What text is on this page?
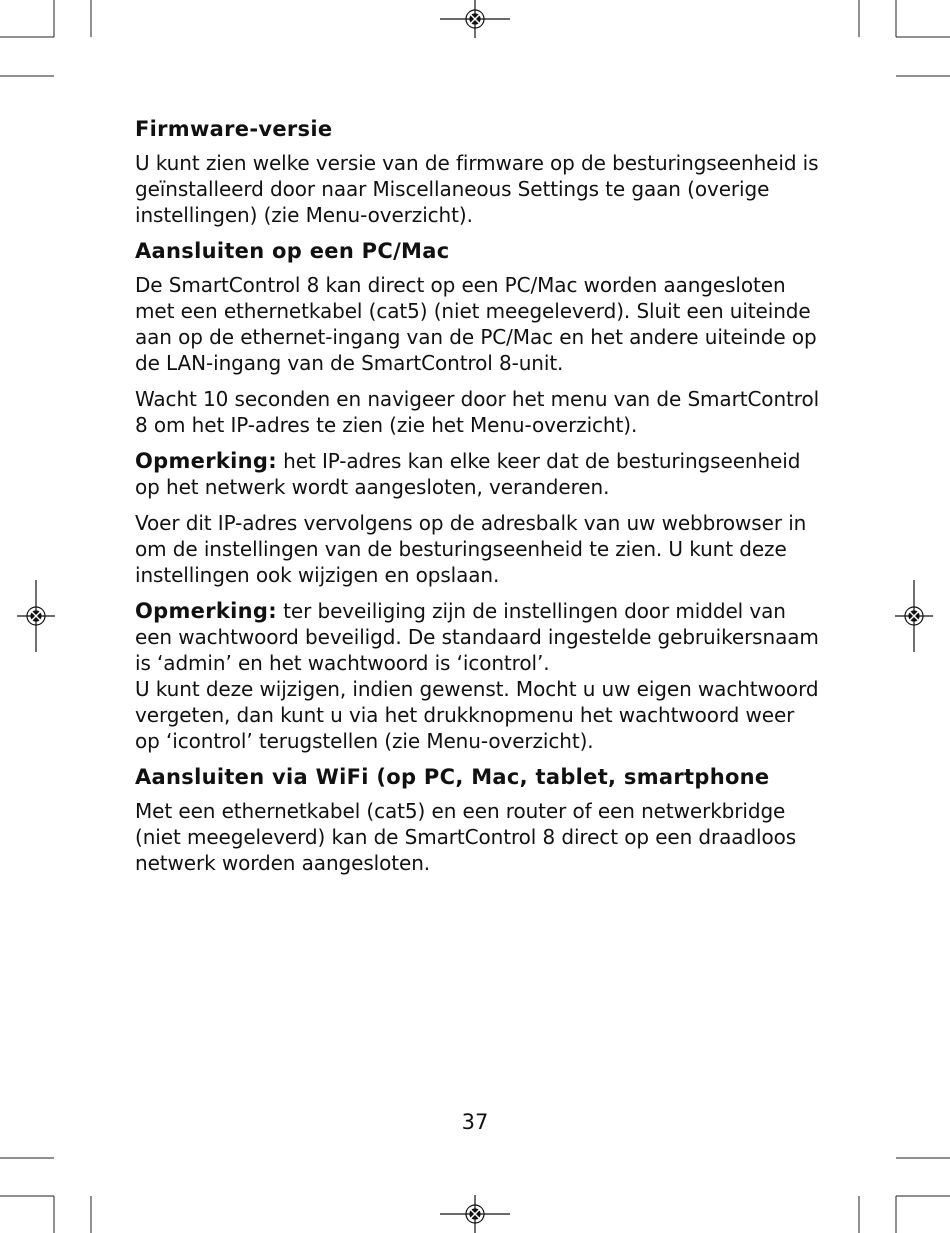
Firmware-versie

U kunt zien welke versie van de firmware op de besturingseenheid is geïnstalleerd door naar Miscellaneous Settings te gaan (overige instellingen) (zie Menu-overzicht).

Aansluiten op een PC/Mac

De SmartControl 8 kan direct op een PC/Mac worden aangesloten met een ethernetkabel (cat5) (niet meegeleverd). Sluit een uiteinde aan op de ethernet-ingang van de PC/Mac en het andere uiteinde op de LAN-ingang van de SmartControl 8-unit.

Wacht 10 seconden en navigeer door het menu van de SmartControl 8 om het IP-adres te zien (zie het Menu-overzicht).

Opmerking: het IP-adres kan elke keer dat de besturingseenheid op het netwerk wordt aangesloten, veranderen.

Voer dit IP-adres vervolgens op de adresbalk van uw webbrowser in om de instellingen van de besturingseenheid te zien. U kunt deze instellingen ook wijzigen en opslaan.

Opmerking: ter beveiliging zijn de instellingen door middel van een wachtwoord beveiligd. De standaard ingestelde gebruikersnaam is ‘admin’ en het wachtwoord is ‘icontrol’.
U kunt deze wijzigen, indien gewenst. Mocht u uw eigen wachtwoord vergeten, dan kunt u via het drukknopmenu het wachtwoord weer op ‘icontrol’ terugstellen (zie Menu-overzicht).

Aansluiten via WiFi (op PC, Mac, tablet, smartphone

Met een ethernetkabel (cat5) en een router of een netwerkbridge (niet meegeleverd) kan de SmartControl 8 direct op een draadloos netwerk worden aangesloten.

37
